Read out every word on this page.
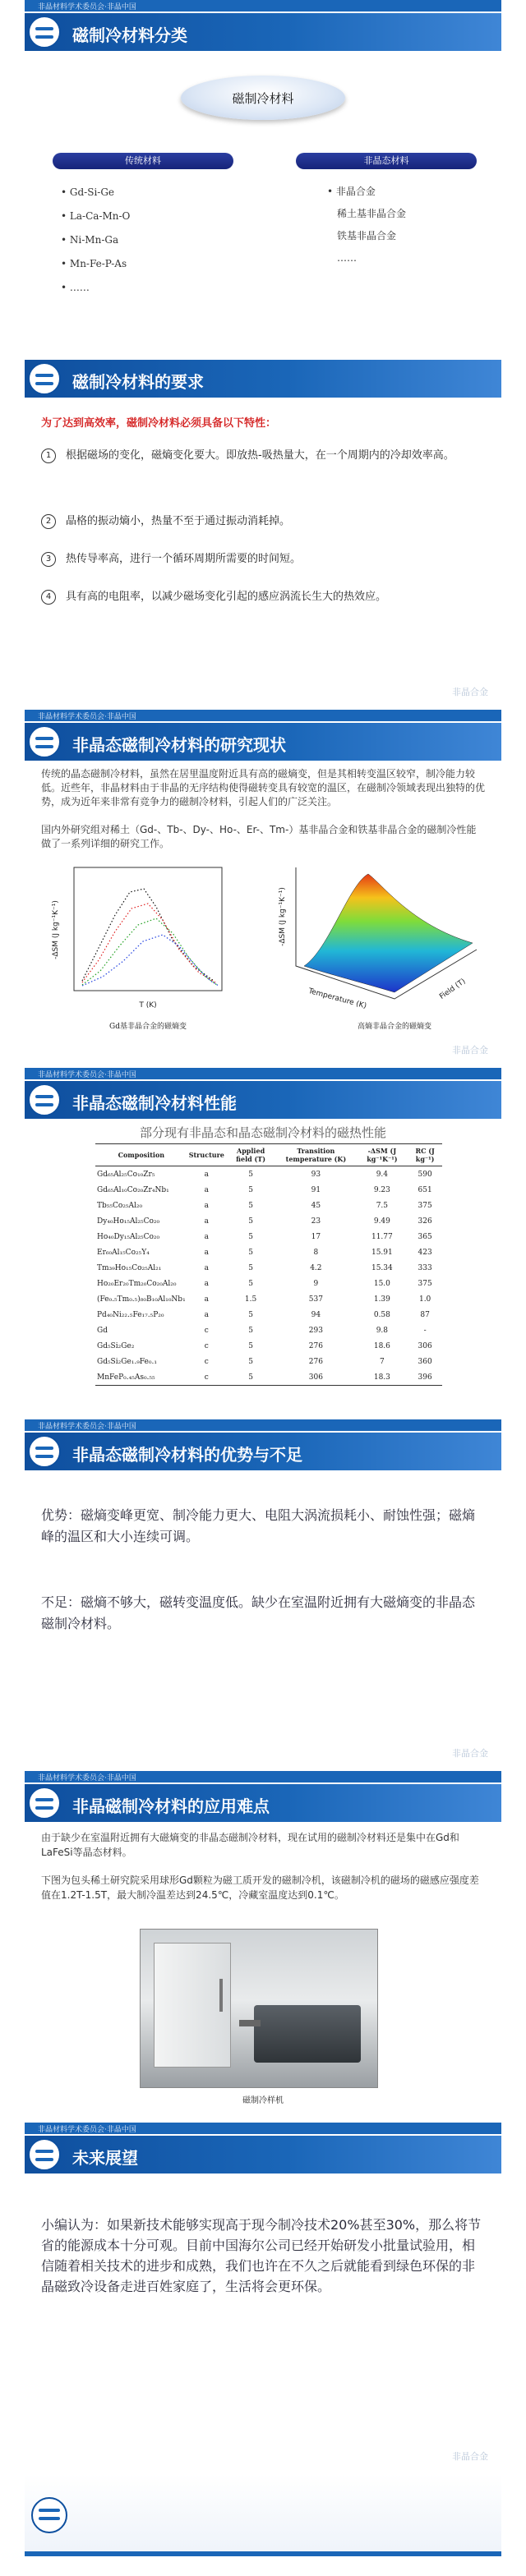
非晶材料学术委员会·非晶中国
磁制冷材料分类
磁制冷材料
传统材料	非晶态材料
• Gd-Si-Ge
• La-Ca-Mn-O
• Ni-Mn-Ga
• Mn-Fe-P-As
• ……
• 非晶合金
稀土基非晶合金
铁基非晶合金
……
磁制冷材料的要求
为了达到高效率，磁制冷材料必须具备以下特性：
1	根据磁场的变化，磁熵变化要大。即放热-吸热量大，在一个周期内的冷却效率高。
2	晶格的振动熵小，热量不至于通过振动消耗掉。
3	热传导率高，进行一个循环周期所需要的时间短。
4	具有高的电阻率，以减少磁场变化引起的感应涡流长生大的热效应。
非晶合金
非晶材料学术委员会·非晶中国
非晶态磁制冷材料的研究现状
传统的晶态磁制冷材料，虽然在居里温度附近具有高的磁熵变，但是其相转变温区较窄，制冷能力较低。近些年，非晶材料由于非晶的无序结构使得磁转变具有较宽的温区，在磁制冷领域表现出独特的优势，成为近年来非常有竞争力的磁制冷材料，引起人们的广泛关注。
国内外研究组对稀土（Gd-、Tb-、Dy-、Ho-、Er-、Tm-）基非晶合金和铁基非晶合金的磁制冷性能做了一系列详细的研究工作。
-ΔSM (J kg⁻¹K⁻¹)
T (K)
Gd基非晶合金的磁熵变
-ΔSM (J kg⁻¹K⁻¹)
Temperature (K)	Field (T)
高熵非晶合金的磁熵变
非晶合金
非晶材料学术委员会·非晶中国
非晶态磁制冷材料性能
部分现有非晶态和晶态磁制冷材料的磁热性能
Composition	Structure	Applied field (T)	Transition temperature (K)	-ΔSM (J kg⁻¹K⁻¹)	RC (J kg⁻¹)
Gd₆₅Al₂₅Co₁₀Zr₅	a	5	93	9.4	590
Gd₆₅Al₁₀Co₂₀Zr₄Nb₁	a	5	91	9.23	651
Tb₅₅Co₂₅Al₂₀	a	5	45	7.5	375
Dy₄₀Ho₁₅Al₂₅Co₂₀	a	5	23	9.49	326
Ho₄₀Dy₁₅Al₂₅Co₂₀	a	5	17	11.77	365
Er₆₀Al₁₅Co₂₅Y₄	a	5	8	15.91	423
Tm₃₉Ho₁₅Co₂₅Al₂₁	a	5	4.2	15.34	333
Ho₂₀Er₂₀Tm₂₀Co₂₀Al₂₀	a	5	9	15.0	375
(Fe₀.₅Tm₀.₅)₈₀B₁₀Al₁₀Nb₁	a	1.5	537	1.39	1.0
Pd₄₀Ni₂₂.₅Fe₁₇.₅P₂₀	a	5	94	0.58	87
Gd	c	5	293	9.8	-
Gd₅Si₂Ge₂	c	5	276	18.6	306
Gd₅Si₂Ge₁.₉Fe₀.₁	c	5	276	7	360
MnFeP₀.₄₅As₀.₅₅	c	5	306	18.3	396
非晶材料学术委员会·非晶中国
非晶态磁制冷材料的优势与不足
优势：磁熵变峰更宽、制冷能力更大、电阻大涡流损耗小、耐蚀性强；磁熵峰的温区和大小连续可调。
不足：磁熵不够大，磁转变温度低。缺少在室温附近拥有大磁熵变的非晶态磁制冷材料。
非晶合金
非晶材料学术委员会·非晶中国
非晶磁制冷材料的应用难点
由于缺少在室温附近拥有大磁熵变的非晶态磁制冷材料，现在试用的磁制冷材料还是集中在Gd和LaFeSi等晶态材料。
下图为包头稀土研究院采用球形Gd颗粒为磁工质开发的磁制冷机，该磁制冷机的磁场的磁感应强度差值在1.2T-1.5T，最大制冷温差达到24.5℃，冷藏室温度达到0.1℃。
磁制冷样机
非晶材料学术委员会·非晶中国
未来展望
小编认为：如果新技术能够实现高于现今制冷技术20%甚至30%，那么将节省的能源成本十分可观。目前中国海尔公司已经开始研发小批量试验用，相信随着相关技术的进步和成熟，我们也许在不久之后就能看到绿色环保的非晶磁致冷设备走进百姓家庭了，生活将会更环保。
非晶合金
